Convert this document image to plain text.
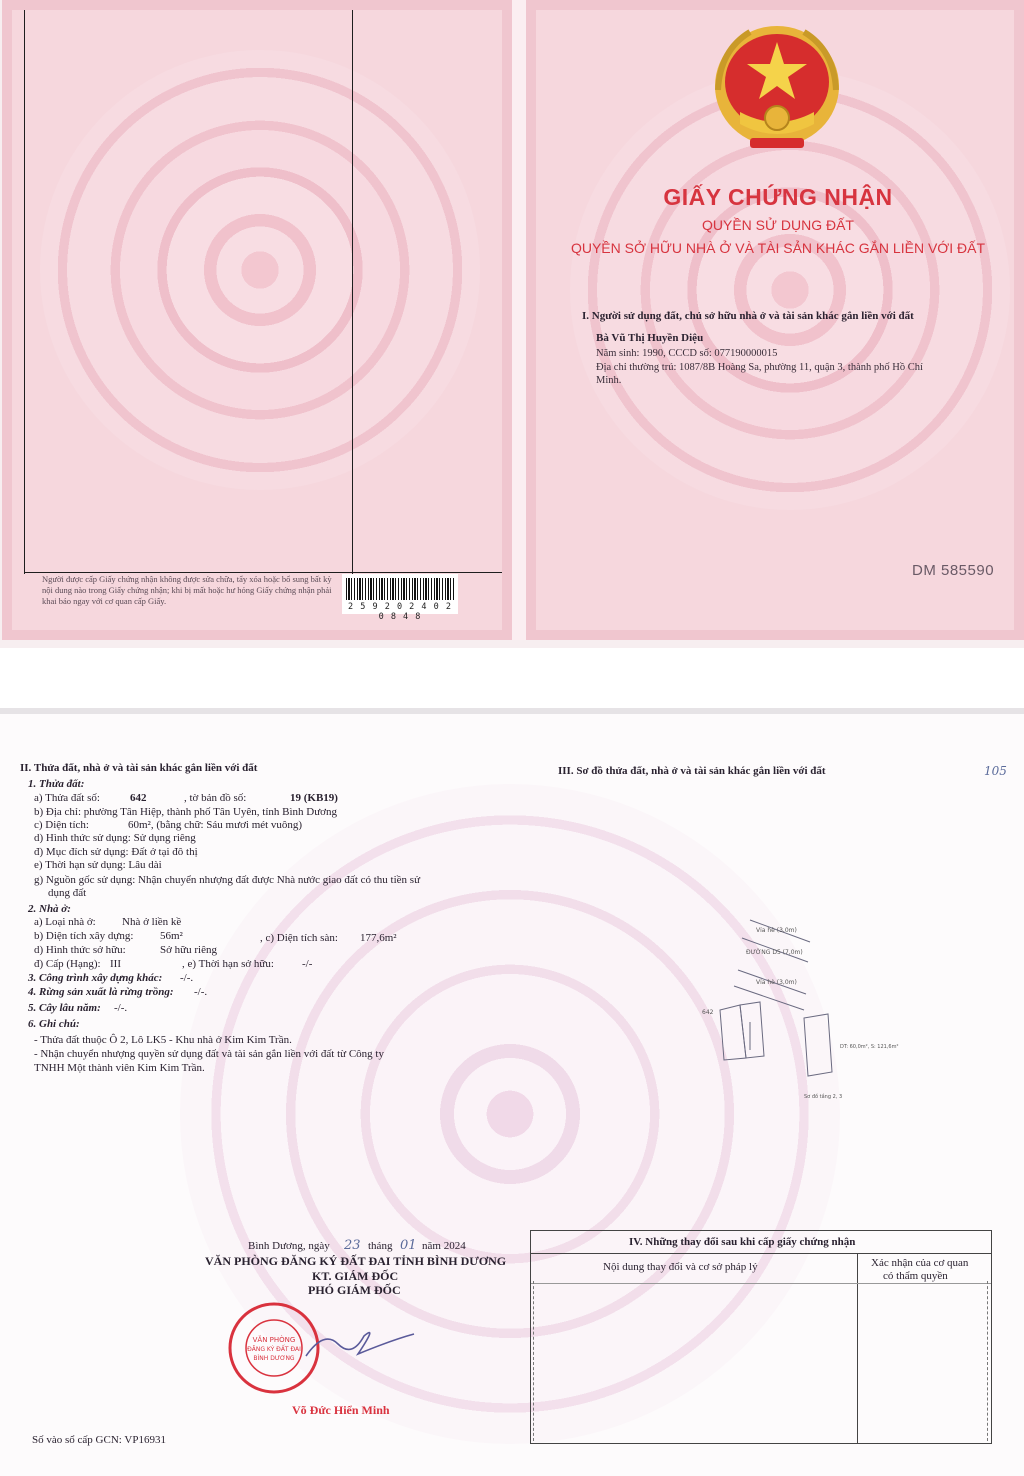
Người được cấp Giấy chứng nhận không được sửa chữa, tẩy xóa hoặc bổ sung bất kỳ nội dung nào trong Giấy chứng nhận; khi bị mất hoặc hư hỏng Giấy chứng nhận phải khai báo ngay với cơ quan cấp Giấy.
2 5 9 2 0 2 4 0 2 0 8 4 8
GIẤY CHỨNG NHẬN
QUYỀN SỬ DỤNG ĐẤT
QUYỀN SỞ HỮU NHÀ Ở VÀ TÀI SẢN KHÁC GẮN LIỀN VỚI ĐẤT
I. Người sử dụng đất, chủ sở hữu nhà ở và tài sản khác gắn liền với đất
Bà Vũ Thị Huyền Diệu
Năm sinh: 1990, CCCD số: 077190000015
Địa chỉ thường trú: 1087/8B Hoàng Sa, phường 11, quận 3, thành phố Hồ Chí
Minh.
DM 585590
II. Thửa đất, nhà ở và tài sản khác gắn liền với đất	III. Sơ đồ thửa đất, nhà ở và tài sản khác gắn liền với đất	105
1. Thửa đất:
a) Thửa đất số:	642	, tờ bản đồ số:	19 (KB19)
b) Địa chỉ: phường Tân Hiệp, thành phố Tân Uyên, tỉnh Bình Dương
c) Diện tích:	60m², (bằng chữ: Sáu mươi mét vuông)
d) Hình thức sử dụng: Sử dụng riêng
đ) Mục đích sử dụng: Đất ở tại đô thị
e) Thời hạn sử dụng: Lâu dài
g) Nguồn gốc sử dụng: Nhận chuyển nhượng đất được Nhà nước giao đất có thu tiền sử
dụng đất
2. Nhà ở:
a) Loại nhà ở: Nhà ở liền kề
b) Diện tích xây dựng: 56m²	, c) Diện tích sàn: 177,6m²
d) Hình thức sở hữu:	Sở hữu riêng
đ) Cấp (Hạng): III	, e) Thời hạn sở hữu:	-/-
3. Công trình xây dựng khác: -/-.
4. Rừng sản xuất là rừng trồng: -/-.
5. Cây lâu năm: -/-.
6. Ghi chú:
- Thửa đất thuộc Ô 2, Lô LK5 - Khu nhà ở Kim Kim Trần.
- Nhận chuyển nhượng quyền sử dụng đất và tài sản gắn liền với đất từ Công ty
TNHH Một thành viên Kim Kim Trần.
Vỉa hè (3,0m)
ĐƯỜNG D5 (7,0m)
Vỉa hè (3,0m)
642
DT: 60,0m², S: 121,6m²
Sơ đồ tầng 2, 3
Bình Dương, ngày 23 tháng 01 năm 2024
VĂN PHÒNG ĐĂNG KÝ ĐẤT ĐAI TỈNH BÌNH DƯƠNG
KT. GIÁM ĐỐC
PHÓ GIÁM ĐỐC
VĂN PHÒNG
ĐĂNG KÝ ĐẤT ĐAI
BÌNH DƯƠNG
Võ Đức Hiển Minh
Số vào sổ cấp GCN: VP16931
IV. Những thay đổi sau khi cấp giấy chứng nhận
Nội dung thay đổi và cơ sở pháp lý	Xác nhận của cơ quan
có thẩm quyền
